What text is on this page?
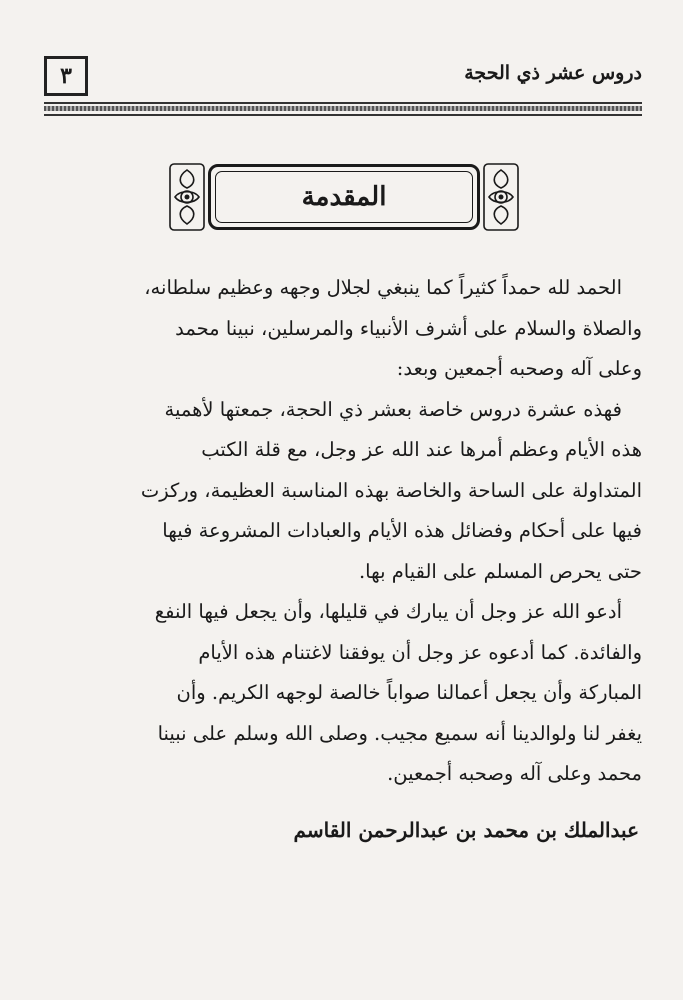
٣	دروس عشر ذي الحجة
المقدمة
الحمد لله حمداً كثيراً كما ينبغي لجلال وجهه وعظيم سلطانه،
والصلاة والسلام على أشرف الأنبياء والمرسلين، نبينا محمد
وعلى آله وصحبه أجمعين وبعد:
فهذه عشرة دروس خاصة بعشر ذي الحجة، جمعتها لأهمية
هذه الأيام وعظم أمرها عند الله عز وجل، مع قلة الكتب
المتداولة على الساحة والخاصة بهذه المناسبة العظيمة، وركزت
فيها على أحكام وفضائل هذه الأيام والعبادات المشروعة فيها
حتى يحرص المسلم على القيام بها.
أدعو الله عز وجل أن يبارك في قليلها، وأن يجعل فيها النفع
والفائدة. كما أدعوه عز وجل أن يوفقنا لاغتنام هذه الأيام
المباركة وأن يجعل أعمالنا صواباً خالصة لوجهه الكريم. وأن
يغفر لنا ولوالدينا أنه سميع مجيب. وصلى الله وسلم على نبينا
محمد وعلى آله وصحبه أجمعين.
عبدالملك بن محمد بن عبدالرحمن القاسم
